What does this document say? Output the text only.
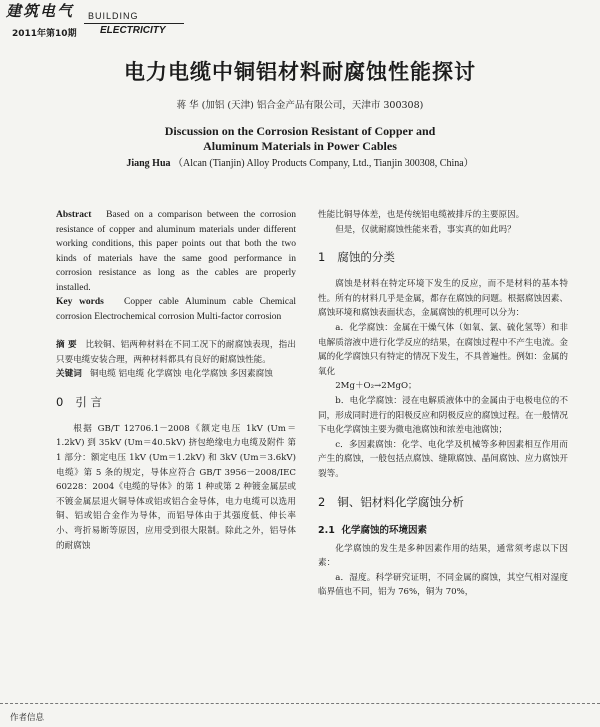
建筑电气 BUILDING
2011年第10期 ELECTRICITY
电力电缆中铜铝材料耐腐蚀性能探讨
蒋 华 (加铝 (天津) 铝合金产品有限公司，天津市 300308)
Discussion on the Corrosion Resistant of Copper and
Aluminum Materials in Power Cables
Jiang Hua （Alcan (Tianjin) Alloy Products Company, Ltd., Tianjin 300308, China）

Abstract Based on a comparison between the corrosion resistance of copper and aluminum materials under different working conditions, this paper points out that both the two kinds of materials have the same good performance in corrosion resistance as long as the cables are properly installed.

Key words Copper cable Aluminum cable Chemical corrosion Electrochemical corrosion Multi-factor corrosion

摘 要 比较铜、铝两种材料在不同工况下的耐腐蚀表现，指出只要电缆安装合理，两种材料都具有良好的耐腐蚀性能。

关键词 铜电缆 铝电缆 化学腐蚀 电化学腐蚀 多因素腐蚀

0 引 言

根据 GB/T 12706.1－2008《额定电压 1kV (Um＝1.2kV) 到 35kV (Um＝40.5kV) 挤包绝缘电力电缆及附件 第 1 部分：额定电压 1kV (Um＝1.2kV) 和 3kV (Um＝3.6kV) 电缆》第 5 条的规定，导体应符合 GB/T 3956－2008/IEC 60228：2004《电缆的导体》的第 1 种或第 2 种镀金属层或不镀金属层退火铜导体或铝或铝合金导体，电力电缆可以选用铜、铝或铝合金作为导体，而铝导体由于其强度低、伸长率小、弯折易断等原因，应用受到很大限制。除此之外，铝导体的耐腐蚀

性能比铜导体差，也是传统铝电缆被排斥的主要原因。

但是，仅就耐腐蚀性能来看，事实真的如此吗？

1 腐蚀的分类

腐蚀是材料在特定环境下发生的反应，而不是材料的基本特性。所有的材料几乎是金属，都存在腐蚀的问题。根据腐蚀因素、腐蚀环境和腐蚀表面状态，金属腐蚀的机理可以分为：

a．化学腐蚀：金属在干燥气体（如氧、氯、硫化氢等）和非电解质溶液中进行化学反应的结果，在腐蚀过程中不产生电流。金属的化学腐蚀只有特定的情况下发生，不具普遍性。例如：金属的氧化

2Mg＋O₂→2MgO；

b．电化学腐蚀：浸在电解质液体中的金属由于电极电位的不同，形成同时进行的阳极反应和阴极反应的腐蚀过程。在一般情况下电化学腐蚀主要为微电池腐蚀和浓差电池腐蚀；

c．多因素腐蚀：化学、电化学及机械等多种因素相互作用而产生的腐蚀，一般包括点腐蚀、缝隙腐蚀、晶间腐蚀、应力腐蚀开裂等。

2 铜、铝材料化学腐蚀分析
2.1 化学腐蚀的环境因素

化学腐蚀的发生是多种因素作用的结果，通常须考虑以下因素：

a．湿度。科学研究证明，不同金属的腐蚀，其空气相对湿度临界值也不同，铝为 76%，铜为 70%，

作者信息
